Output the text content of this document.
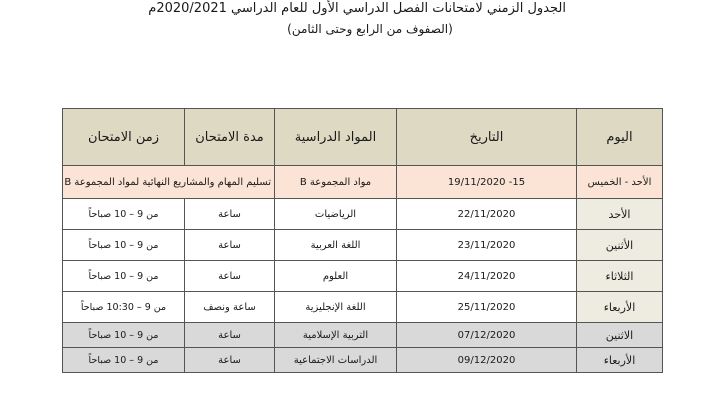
الجدول الزمني لامتحانات الفصل الدراسي الأول للعام الدراسي 2020/2021م
(الصفوف من الرابع وحتى الثامن)
اليوم	التاريخ	المواد الدراسية	مدة الامتحان	زمن الامتحان
الأحد - الخميس	15- 19/11/2020	مواد المجموعة B	تسليم المهام والمشاريع النهائية لمواد المجموعة B	
الأحد	22/11/2020	الرياضيات	ساعة	من 9 – 10 صباحاً
الأثنين	23/11/2020	اللغة العربية	ساعة	من 9 – 10 صباحاً
الثلاثاء	24/11/2020	العلوم	ساعة	من 9 – 10 صباحاً
الأربعاء	25/11/2020	اللغة الإنجليزية	ساعة ونصف	من 9 – 10:30 صباحاً
الاثنين	07/12/2020	التربية الإسلامية	ساعة	من 9 – 10 صباحاً
الأربعاء	09/12/2020	الدراسات الاجتماعية	ساعة	من 9 – 10 صباحاً
